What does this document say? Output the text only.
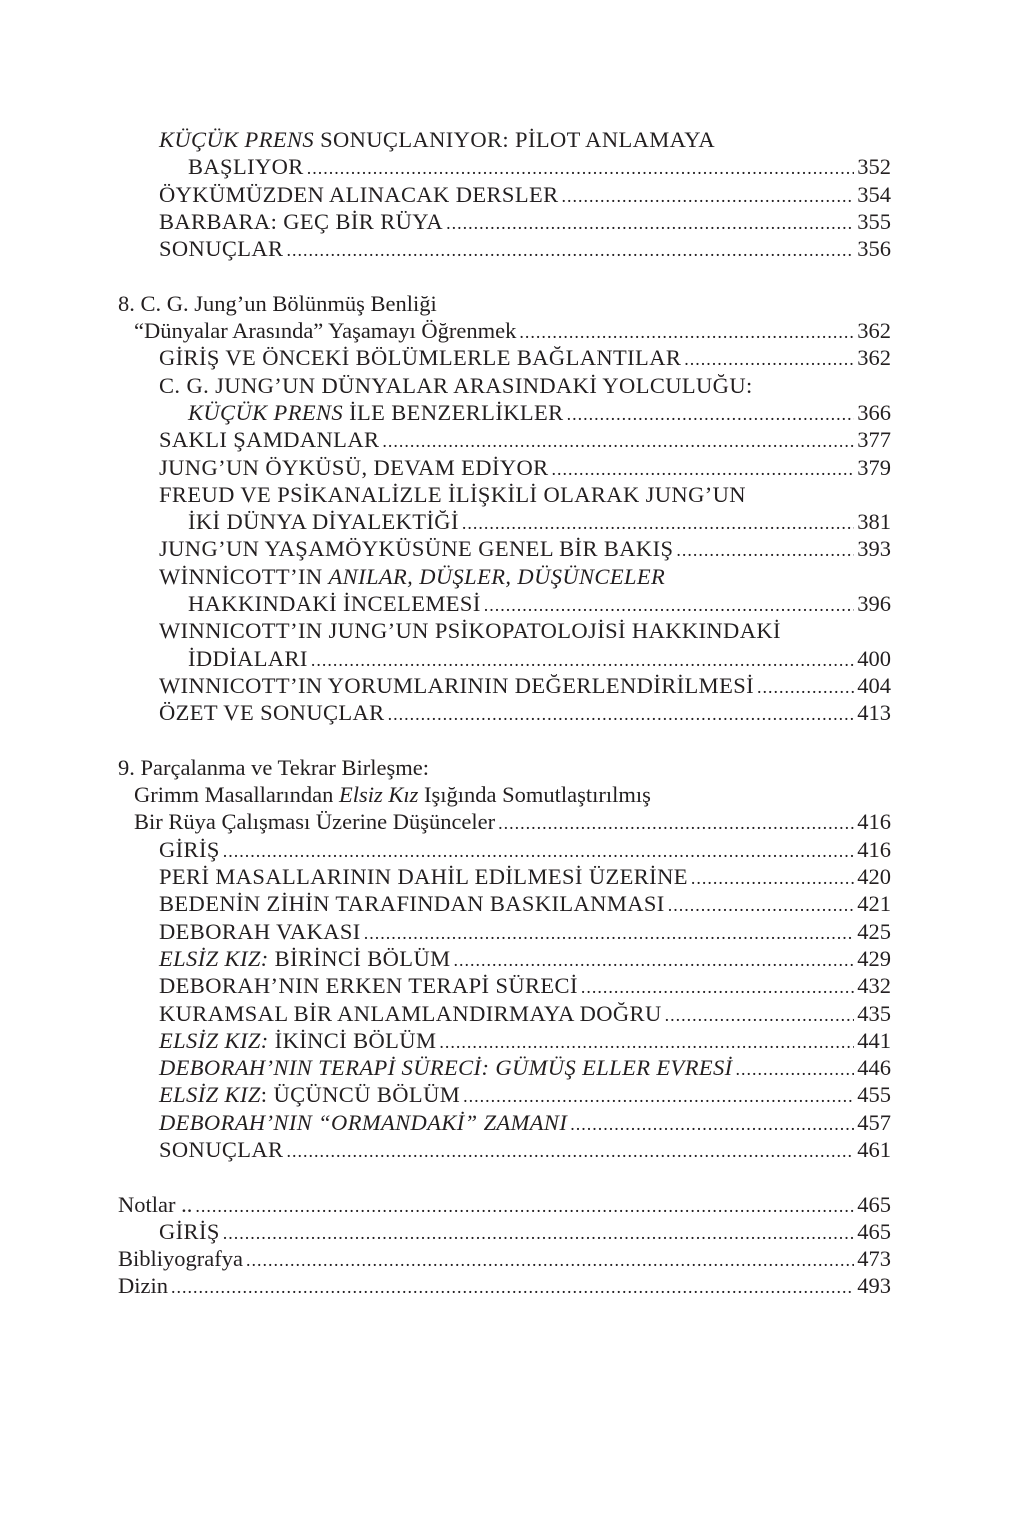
KÜÇÜK PRENS SONUÇLANIYOR: PİLOT ANLAMAYA
BAŞLIYOR .....	352
ÖYKÜMÜZDEN ALINACAK DERSLER .....	354
BARBARA: GEÇ BİR RÜYA .....	355
SONUÇLAR .....	356
8. C. G. Jung’un Bölünmüş Benliği
“Dünyalar Arasında” Yaşamayı Öğrenmek .....	362
GİRİŞ VE ÖNCEKİ BÖLÜMLERLE BAĞLANTILAR .....	362
C. G. JUNG’UN DÜNYALAR ARASINDAKİ YOLCULUĞU:
KÜÇÜK PRENS İLE BENZERLİKLER .....	366
SAKLI ŞAMDANLAR .....	377
JUNG’UN ÖYKÜSÜ, DEVAM EDİYOR .....	379
FREUD VE PSİKANALİZLE İLİŞKİLİ OLARAK JUNG’UN
İKİ DÜNYA DİYALEKTİĞİ .....	381
JUNG’UN YAŞAMÖYKÜSÜNE GENEL BİR BAKIŞ .....	393
WİNNİCOTT’IN ANILAR, DÜŞLER, DÜŞÜNCELER
HAKKINDAKİ İNCELEMESİ .....	396
WINNICOTT’IN JUNG’UN PSİKOPATOLOJİSİ HAKKINDAKİ
İDDİALARI .....	400
WINNICOTT’IN YORUMLARININ DEĞERLENDİRİLMESİ .....	404
ÖZET VE SONUÇLAR .....	413
9. Parçalanma ve Tekrar Birleşme:
Grimm Masallarından Elsiz Kız Işığında Somutlaştırılmış
Bir Rüya Çalışması Üzerine Düşünceler .....	416
GİRİŞ .....	416
PERİ MASALLARININ DAHİL EDİLMESİ ÜZERİNE .....	420
BEDENİN ZİHİN TARAFINDAN BASKILANMASI .....	421
DEBORAH VAKASI .....	425
ELSİZ KIZ: BİRİNCİ BÖLÜM .....	429
DEBORAH’NIN ERKEN TERAPİ SÜRECİ .....	432
KURAMSAL BİR ANLAMLANDIRMAYA DOĞRU .....	435
ELSİZ KIZ: İKİNCİ BÖLÜM .....	441
DEBORAH’NIN TERAPİ SÜRECİ: GÜMÜŞ ELLER EVRESİ .....	446
ELSİZ KIZ: ÜÇÜNCÜ BÖLÜM .....	455
DEBORAH’NIN “ORMANDAKİ” ZAMANI .....	457
SONUÇLAR .....	461
Notlar .. .....	465
GİRİŞ .....	465
Bibliyografya .....	473
Dizin .....	493
